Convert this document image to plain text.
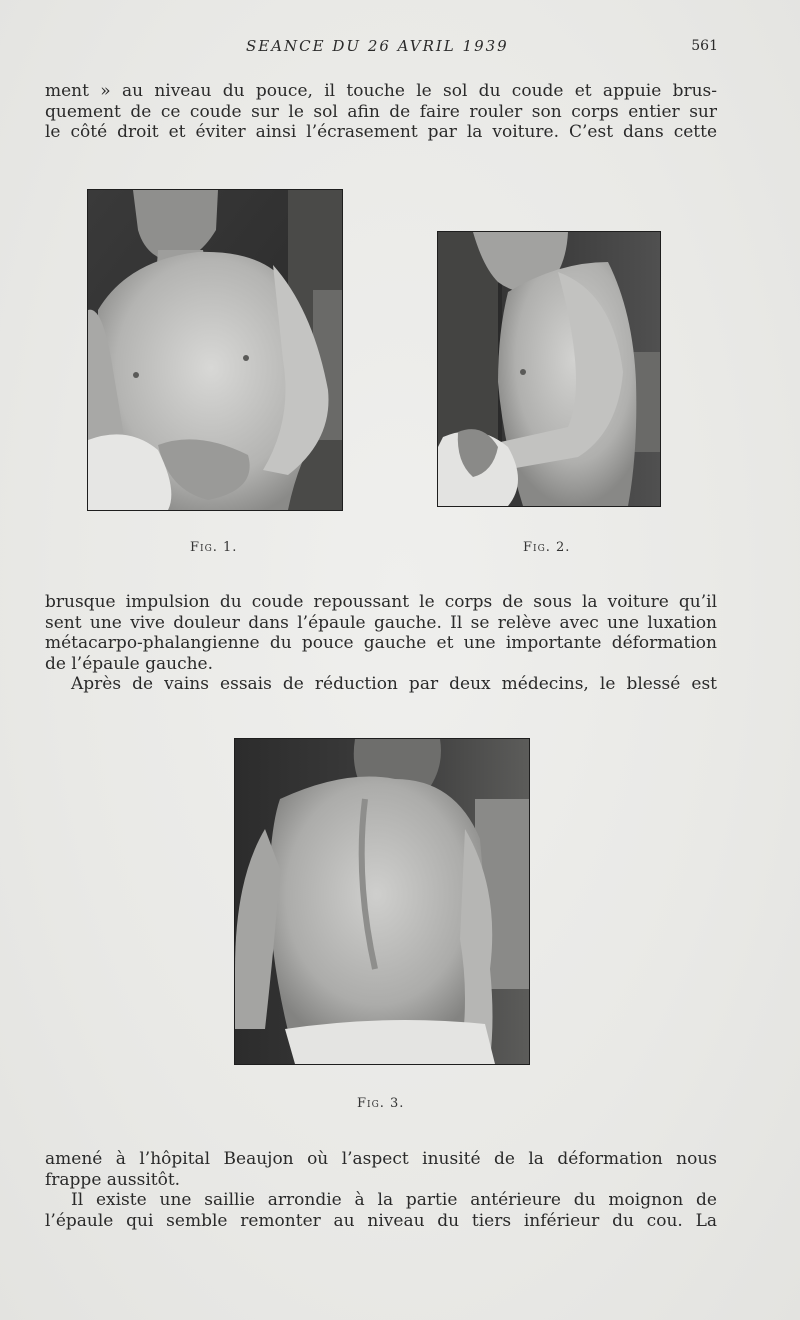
SEANCE DU 26 AVRIL 1939	561
ment » au niveau du pouce, il touche le sol du coude et appuie brus-
quement de ce coude sur le sol afin de faire rouler son corps entier sur
le côté droit et éviter ainsi l’écrasement par la voiture. C’est dans cette
Fig. 1.	Fig. 2.
brusque impulsion du coude repoussant le corps de sous la voiture qu’il
sent une vive douleur dans l’épaule gauche. Il se relève avec une luxation
métacarpo-phalangienne du pouce gauche et une importante déformation
de l’épaule gauche.
Après de vains essais de réduction par deux médecins, le blessé est
Fig. 3.
amené à l’hôpital Beaujon où l’aspect inusité de la déformation nous
frappe aussitôt.
Il existe une saillie arrondie à la partie antérieure du moignon de
l’épaule qui semble remonter au niveau du tiers inférieur du cou. La
